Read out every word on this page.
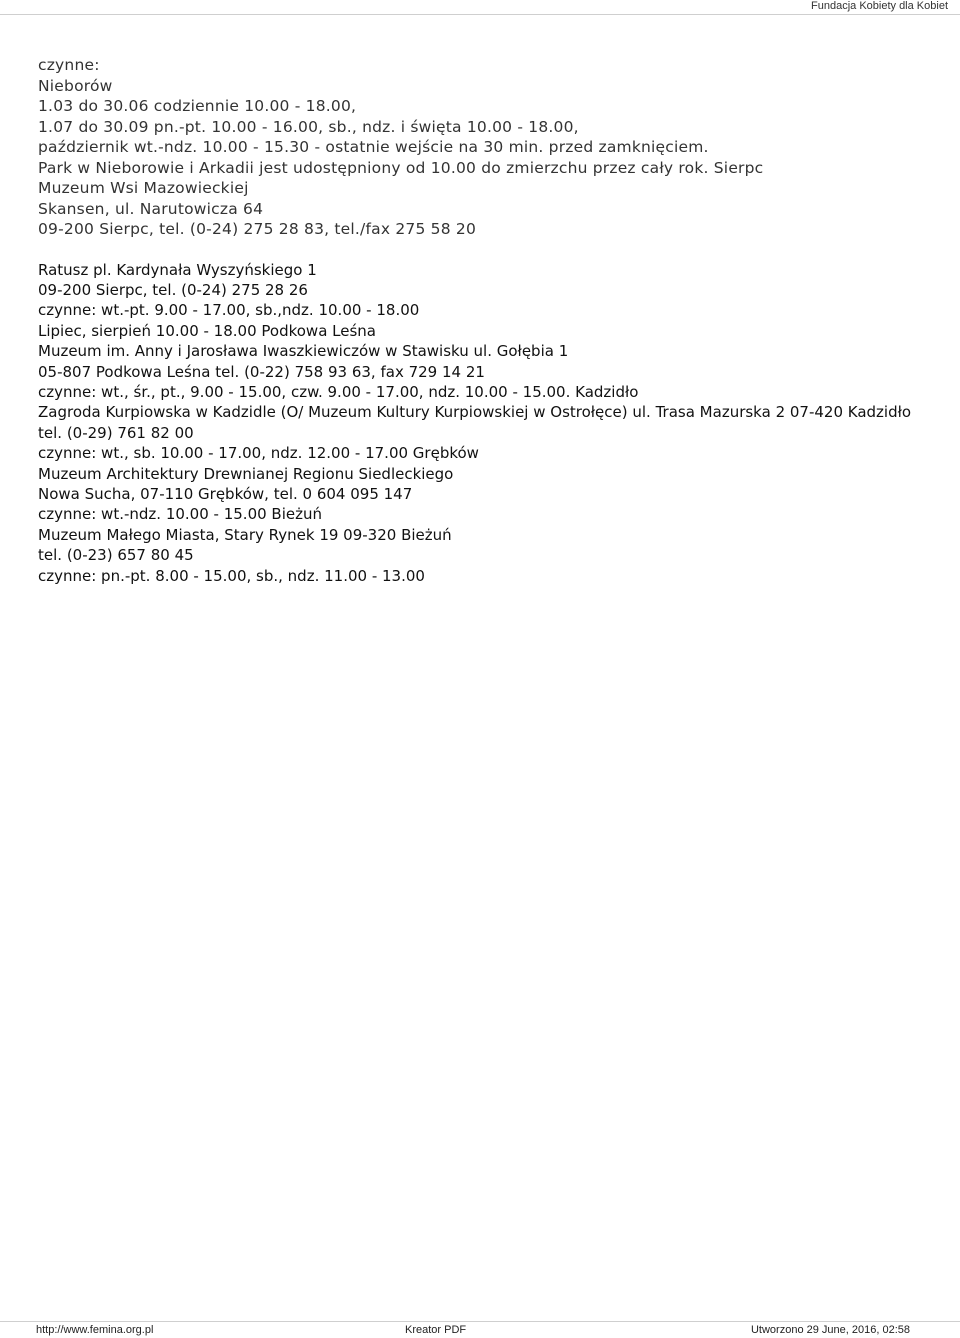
Fundacja Kobiety dla Kobiet
czynne:
Nieborów
1.03 do 30.06 codziennie 10.00 - 18.00,
1.07 do 30.09 pn.-pt. 10.00 - 16.00, sb., ndz. i święta 10.00 - 18.00,
październik wt.-ndz. 10.00 - 15.30 - ostatnie wejście na 30 min. przed zamknięciem.
Park w Nieborowie i Arkadii jest udostępniony od 10.00 do zmierzchu przez cały rok. Sierpc
Muzeum Wsi Mazowieckiej
Skansen, ul. Narutowicza 64
09-200 Sierpc, tel. (0-24) 275 28 83, tel./fax 275 58 20
Ratusz pl. Kardynała Wyszyńskiego 1
09-200 Sierpc, tel. (0-24) 275 28 26
czynne: wt.-pt. 9.00 - 17.00, sb.,ndz. 10.00 - 18.00
Lipiec, sierpień 10.00 - 18.00 Podkowa Leśna
Muzeum im. Anny i Jarosława Iwaszkiewiczów w Stawisku ul. Gołębia 1
05-807 Podkowa Leśna tel. (0-22) 758 93 63, fax 729 14 21
czynne: wt., śr., pt., 9.00 - 15.00, czw. 9.00 - 17.00, ndz. 10.00 - 15.00. Kadzidło
Zagroda Kurpiowska w Kadzidle (O/ Muzeum Kultury Kurpiowskiej w Ostrołęce) ul. Trasa Mazurska 2 07-420 Kadzidło
tel. (0-29) 761 82 00
czynne: wt., sb. 10.00 - 17.00, ndz. 12.00 - 17.00 Grębków
Muzeum Architektury Drewnianej Regionu Siedleckiego
Nowa Sucha, 07-110 Grębków, tel. 0 604 095 147
czynne: wt.-ndz. 10.00 - 15.00 Bieżuń
Muzeum Małego Miasta, Stary Rynek 19 09-320 Bieżuń
tel. (0-23) 657 80 45
czynne: pn.-pt. 8.00 - 15.00, sb., ndz. 11.00 - 13.00
http://www.femina.org.pl	Kreator PDF	Utworzono 29 June, 2016, 02:58
